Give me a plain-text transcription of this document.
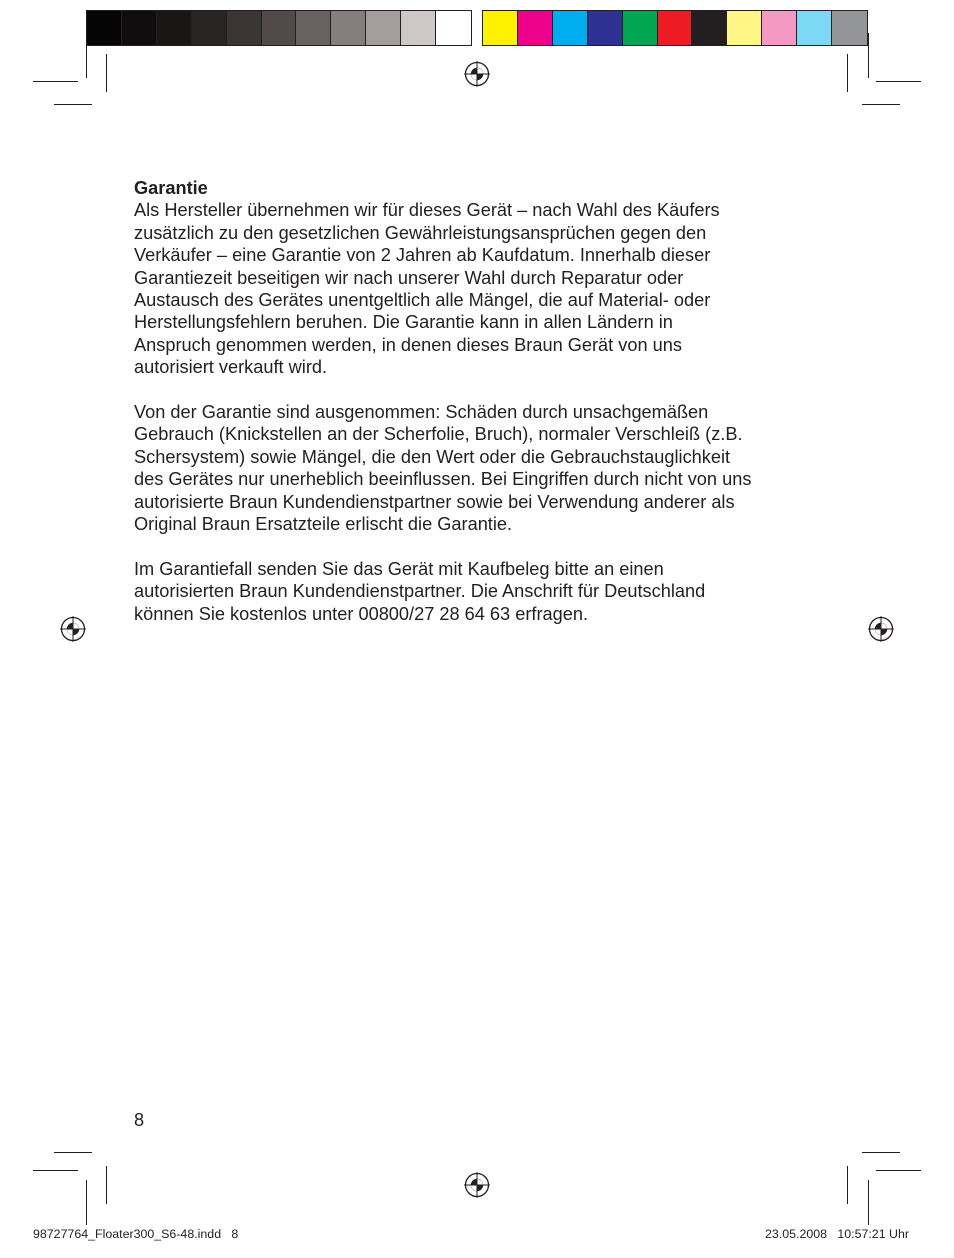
Garantie

Als Hersteller übernehmen wir für dieses Gerät – nach Wahl des Käufers
zusätzlich zu den gesetzlichen Gewährleistungsansprüchen gegen den
Verkäufer – eine Garantie von 2 Jahren ab Kaufdatum. Innerhalb dieser
Garantiezeit beseitigen wir nach unserer Wahl durch Reparatur oder
Austausch des Gerätes unentgeltlich alle Mängel, die auf Material- oder
Herstellungsfehlern beruhen. Die Garantie kann in allen Ländern in
Anspruch genommen werden, in denen dieses Braun Gerät von uns
autorisiert verkauft wird.

Von der Garantie sind ausgenommen: Schäden durch unsachgemäßen
Gebrauch (Knickstellen an der Scherfolie, Bruch), normaler Verschleiß (z.B.
Schersystem) sowie Mängel, die den Wert oder die Gebrauchstauglichkeit
des Gerätes nur unerheblich beeinflussen. Bei Eingriffen durch nicht von uns
autorisierte Braun Kundendienstpartner sowie bei Verwendung anderer als
Original Braun Ersatzteile erlischt die Garantie.

Im Garantiefall senden Sie das Gerät mit Kaufbeleg bitte an einen
autorisierten Braun Kundendienstpartner. Die Anschrift für Deutschland
können Sie kostenlos unter 00800/27 28 64 63 erfragen.

8
98727764_Floater300_S6-48.indd   8	23.05.2008   10:57:21 Uhr
